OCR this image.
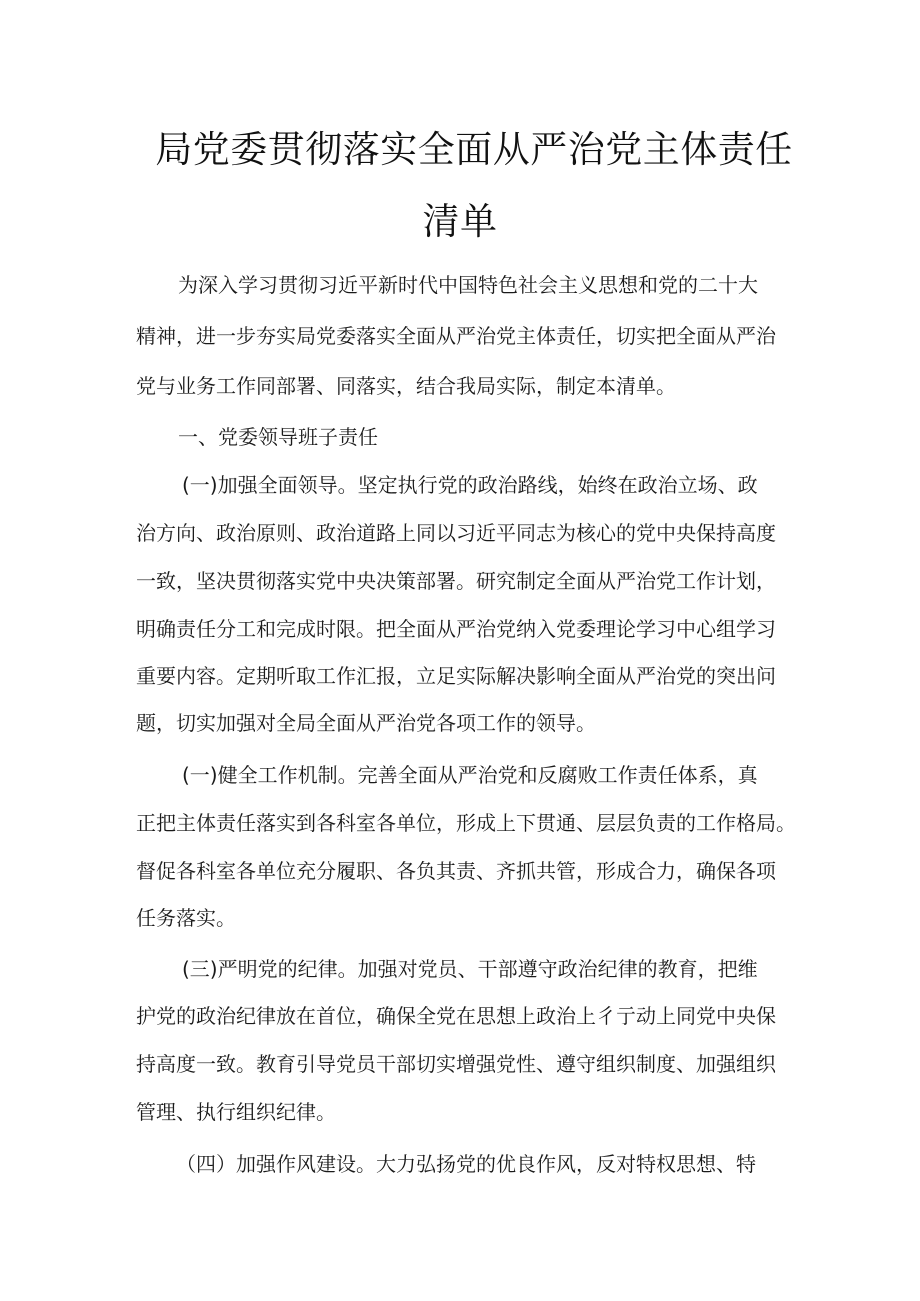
局党委贯彻落实全面从严治党主体责任
清单
为深入学习贯彻习近平新时代中国特色社会主义思想和党的二十大
精神，进一步夯实局党委落实全面从严治党主体责任，切实把全面从严治
党与业务工作同部署、同落实，结合我局实际，制定本清单。
一、党委领导班子责任
(一)加强全面领导。坚定执行党的政治路线，始终在政治立场、政
治方向、政治原则、政治道路上同以习近平同志为核心的党中央保持高度
一致，坚决贯彻落实党中央决策部署。研究制定全面从严治党工作计划，
明确责任分工和完成时限。把全面从严治党纳入党委理论学习中心组学习
重要内容。定期听取工作汇报，立足实际解决影响全面从严治党的突出问
题，切实加强对全局全面从严治党各项工作的领导。
(一)健全工作机制。完善全面从严治党和反腐败工作责任体系，真
正把主体责任落实到各科室各单位，形成上下贯通、层层负责的工作格局。
督促各科室各单位充分履职、各负其责、齐抓共管，形成合力，确保各项
任务落实。
(三)严明党的纪律。加强对党员、干部遵守政治纪律的教育，把维
护党的政治纪律放在首位，确保全党在思想上政治上彳亍动上同党中央保
持高度一致。教育引导党员干部切实增强党性、遵守组织制度、加强组织
管理、执行组织纪律。
（四）加强作风建设。大力弘扬党的优良作风，反对特权思想、特
